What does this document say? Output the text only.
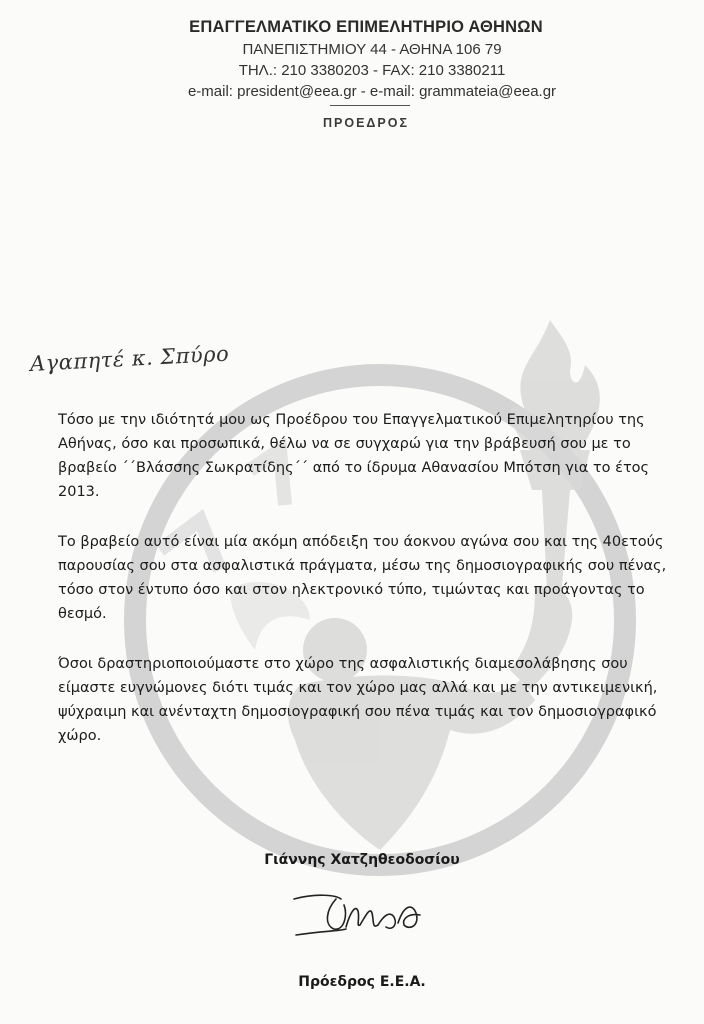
ΕΠΑΓΓΕΛΜΑΤΙΚΟ ΕΠΙΜΕΛΗΤΗΡΙΟ ΑΘΗΝΩΝ
ΠΑΝΕΠΙΣΤΗΜΙΟΥ 44 - ΑΘΗΝΑ 106 79
ΤΗΛ.: 210 3380203 - FAX: 210 3380211
e-mail: president@eea.gr - e-mail: grammateia@eea.gr
ΠΡΟΕΔΡΟΣ
Αγαπητέ κ. Σπύρο
Τόσο με την ιδιότητά μου ως Προέδρου του Επαγγελματικού Επιμελητηρίου της
Αθήνας, όσο και προσωπικά, θέλω να σε συγχαρώ για την βράβευσή σου με το
βραβείο ΄΄Βλάσσης Σωκρατίδης΄΄ από το ίδρυμα Αθανασίου Μπότση για το έτος
2013.
Το βραβείο αυτό είναι μία ακόμη απόδειξη του άοκνου αγώνα σου και της 40ετούς
παρουσίας σου στα ασφαλιστικά πράγματα, μέσω της δημοσιογραφικής σου πένας,
τόσο στον έντυπο όσο και στον ηλεκτρονικό τύπο, τιμώντας και προάγοντας το
θεσμό.
Όσοι δραστηριοποιούμαστε στο χώρο της ασφαλιστικής διαμεσολάβησης σου
είμαστε ευγνώμονες διότι τιμάς και τον χώρο μας αλλά και με την αντικειμενική,
ψύχραιμη και ανένταχτη δημοσιογραφική σου πένα τιμάς και τον δημοσιογραφικό
χώρο.
Γιάννης Χατζηθεοδοσίου
Πρόεδρος Ε.Ε.Α.
